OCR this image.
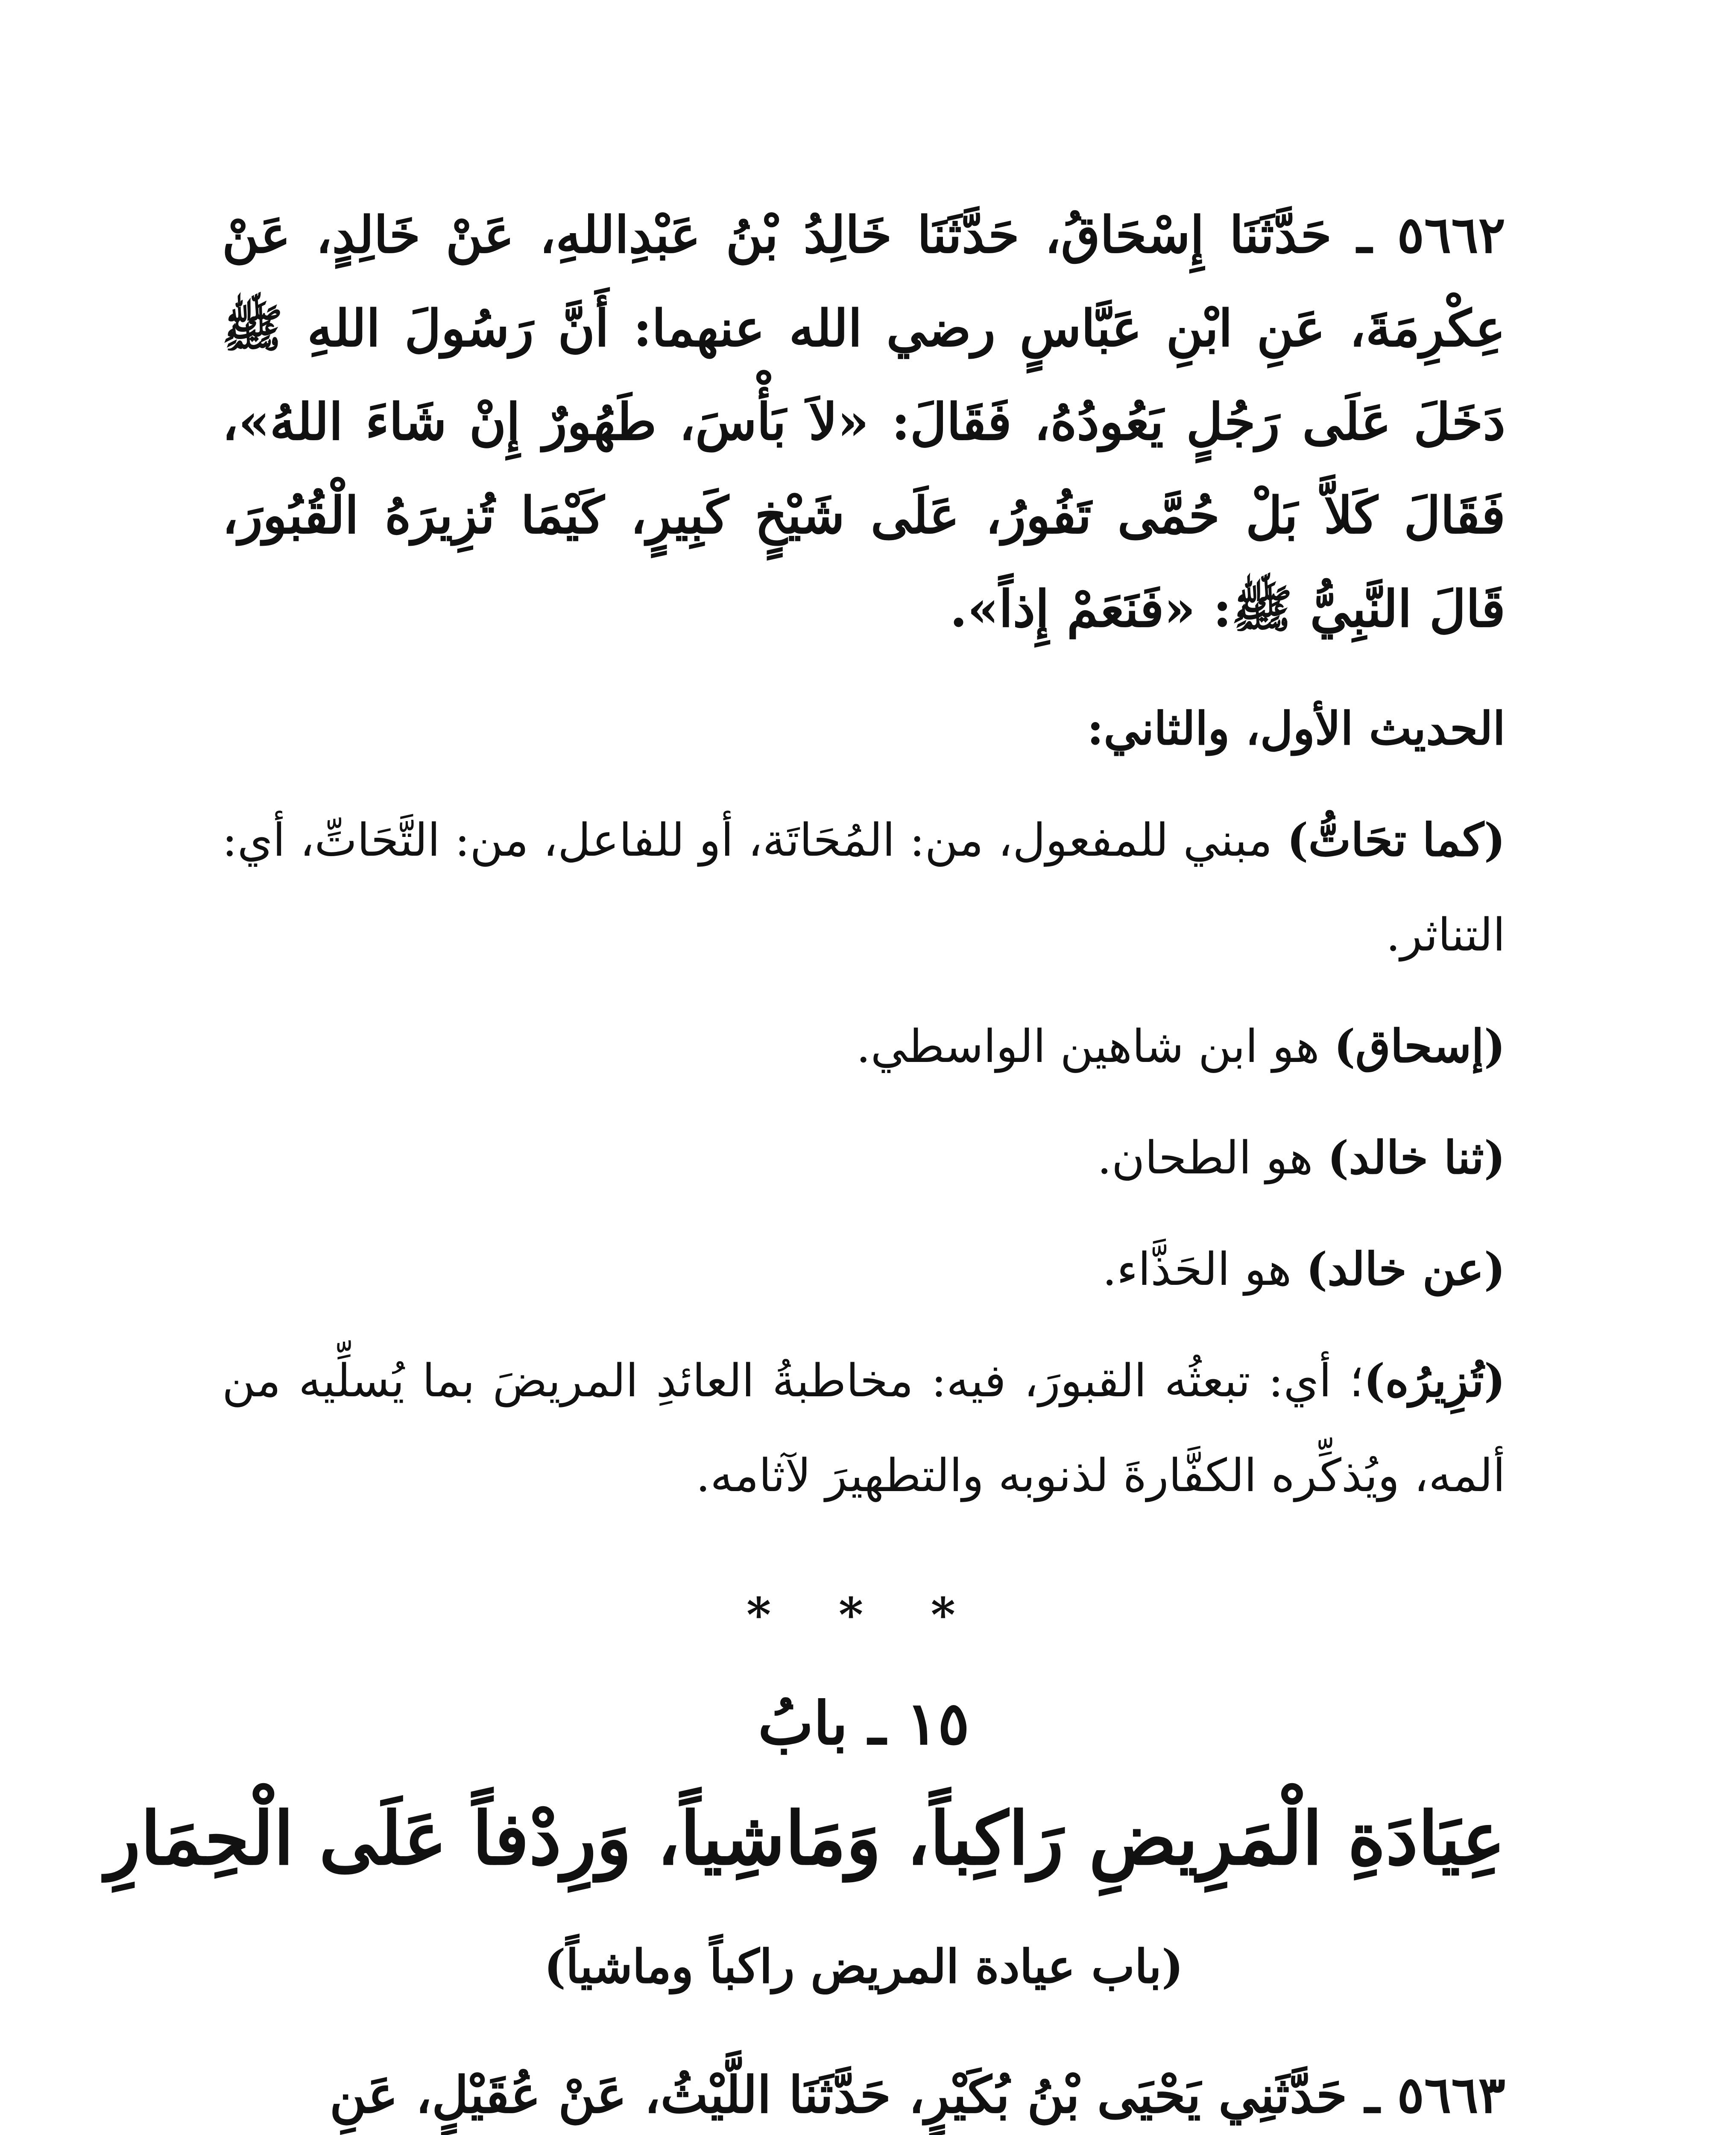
٥٦٦٢ ـ حَدَّثَنَا إِسْحَاقُ، حَدَّثَنَا خَالِدُ بْنُ عَبْدِاللهِ، عَنْ خَالِدٍ، عَنْ عِكْرِمَةَ، عَنِ ابْنِ عَبَّاسٍ رضي الله عنهما: أَنَّ رَسُولَ اللهِ ﷺ دَخَلَ عَلَى رَجُلٍ يَعُودُهُ، فَقَالَ: «لاَ بَأْسَ، طَهُورٌ إِنْ شَاءَ اللهُ»، فَقَالَ كَلاَّ بَلْ حُمَّى تَفُورُ، عَلَى شَيْخٍ كَبِيرٍ، كَيْمَا تُزِيرَهُ الْقُبُورَ، قَالَ النَّبِيُّ ﷺ: «فَنَعَمْ إِذاً».

الحديث الأول، والثاني:

(كما تحَاتُّ) مبني للمفعول، من: المُحَاتَة، أو للفاعل، من: التَّحَاتِّ، أي: التناثر.

(إسحاق) هو ابن شاهين الواسطي.

(ثنا خالد) هو الطحان.

(عن خالد) هو الحَذَّاء.

(تُزِيرُه)؛ أي: تبعثُه القبورَ، فيه: مخاطبةُ العائدِ المريضَ بما يُسلِّيه من ألمه، ويُذكِّره الكفَّارةَ لذنوبه والتطهيرَ لآثامه.

* * *
١٥ ـ بابُ
عِيَادَةِ الْمَرِيضِ رَاكِباً، وَمَاشِياً، وَرِدْفاً عَلَى الْحِمَارِ
(باب عيادة المريض راكباً وماشياً)

٥٦٦٣ ـ حَدَّثَنِي يَحْيَى بْنُ بُكَيْرٍ، حَدَّثَنَا اللَّيْثُ، عَنْ عُقَيْلٍ، عَنِ
